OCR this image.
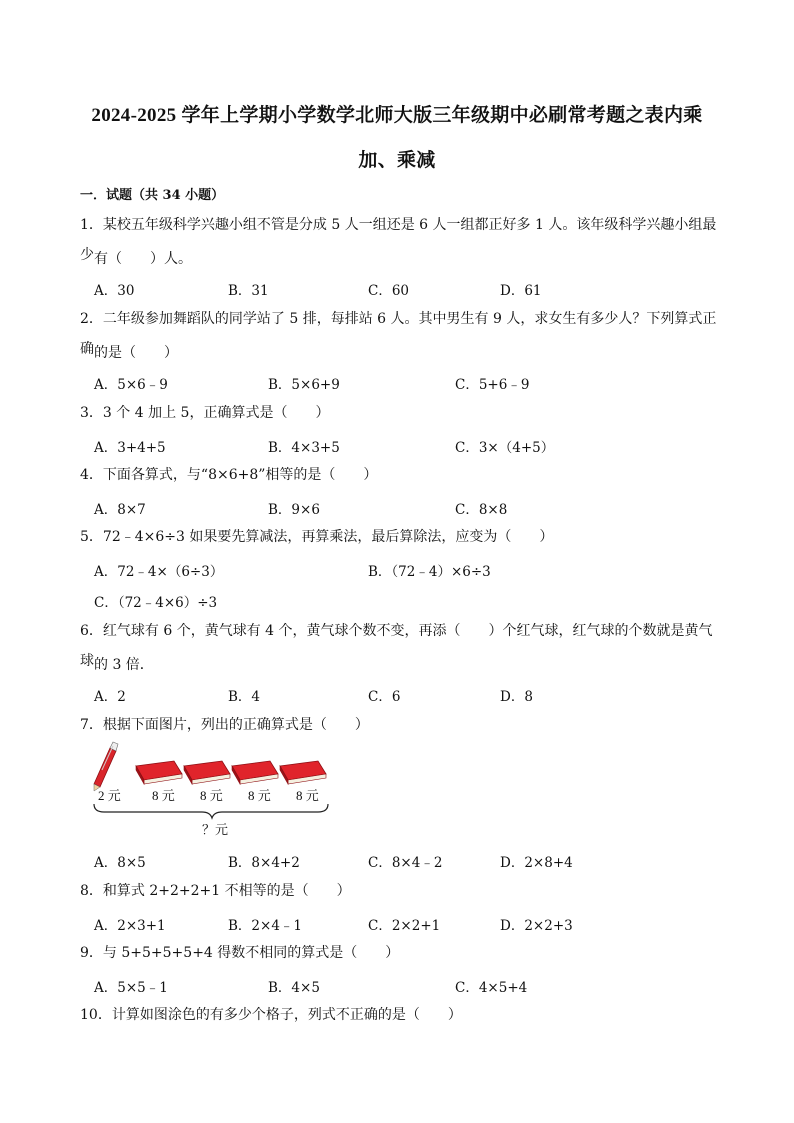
2024-2025 学年上学期小学数学北师大版三年级期中必刷常考题之表内乘
加、乘减
一．试题（共 34 小题）
1．某校五年级科学兴趣小组不管是分成 5 人一组还是 6 人一组都正好多 1 人。该年级科学兴趣小组最少 有（　　）人。
A．30	B．31	C．60	D．61
2．二年级参加舞蹈队的同学站了 5 排，每排站 6 人。其中男生有 9 人，求女生有多少人？下列算式正确 的是（　　）
A．5×6﹣9	B．5×6+9	C．5+6﹣9
3．3 个 4 加上 5，正确算式是（　　）
A．3+4+5	B．4×3+5	C．3×（4+5）
4．下面各算式，与“8×6+8”相等的是（　　）
A．8×7	B．9×6	C．8×8
5．72﹣4×6÷3 如果要先算减法，再算乘法，最后算除法，应变为（　　）
A．72﹣4×（6÷3）	B．（72﹣4）×6÷3
C．（72﹣4×6）÷3
6．红气球有 6 个，黄气球有 4 个，黄气球个数不变，再添（　　）个红气球，红气球的个数就是黄气球 的 3 倍．
A．2	B．4	C．6	D．8
7．根据下面图片，列出的正确算式是（　　）
2 元 8 元 8 元 8 元 8 元
？元
A．8×5	B．8×4+2	C．8×4﹣2	D．2×8+4
8．和算式 2+2+2+1 不相等的是（　　）
A．2×3+1	B．2×4﹣1	C．2×2+1	D．2×2+3
9．与 5+5+5+5+4 得数不相同的算式是（　　）
A．5×5﹣1	B．4×5	C．4×5+4
10．计算如图涂色的有多少个格子，列式不正确的是（　　）
